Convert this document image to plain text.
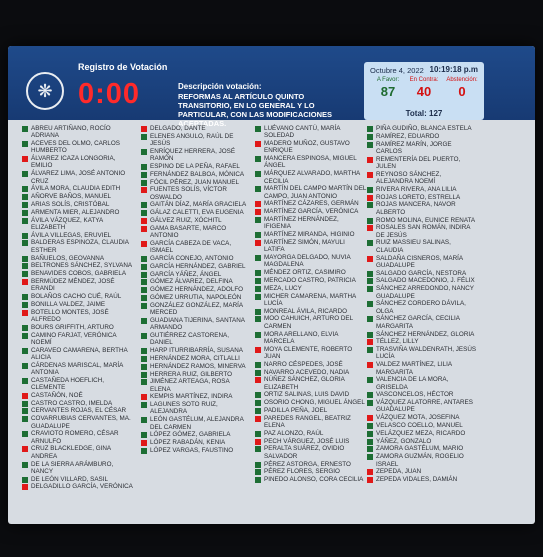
❋
Registro de Votación
0:00	Descripción votación:
REFORMAS AL ARTÍCULO QUINTO TRANSITORIO, EN LO GENERAL Y LO PARTICULAR, CON LAS MODIFICACIONES ACEPTADAS.
Octubre 4, 2022 10:19:18 p.m
A Favor:
87
En Contra:
40
Abstención:
0
Total: 127
ABREU ARTIÑANO, ROCÍO ADRIANA
ACEVES DEL OLMO, CARLOS HUMBERTO
ÁLVAREZ ICAZA LONGORIA, EMILIO
ÁLVAREZ LIMA, JOSÉ ANTONIO CRUZ
ÁVILA MORA, CLAUDIA EDITH
AÑORVE BAÑOS, MANUEL
ARIAS SOLÍS, CRISTÓBAL
ARMENTA MIER, ALEJANDRO
ÁVILA VÁZQUEZ, KATYA ELIZABETH
ÁVILA VILLEGAS, ERUVIEL
BALDERAS ESPINOZA, CLAUDIA ESTHER
BAÑUELOS, GEOVANNA
BELTRONES SÁNCHEZ, SYLVANA
BENAVIDES COBOS, GABRIELA
BERMÚDEZ MÉNDEZ, JOSÉ ERANDI
BOLAÑOS CACHO CUÉ, RAÚL
BONILLA VALDEZ, JAIME
BOTELLO MONTES, JOSÉ ALFREDO
BOURS GRIFFITH, ARTURO
CAMINO FARJAT, VERÓNICA NOEMÍ
CARAVEO CAMARENA, BERTHA ALICIA
CÁRDENAS MARISCAL, MARÍA ANTONIA
CASTAÑEDA HOEFLICH, CLEMENTE
CASTAÑÓN, NOÉ
CASTRO CASTRO, IMELDA
CERVANTES ROJAS, EL CÉSAR
COVARRUBIAS CERVANTES, MA. GUADALUPE
CRAVIOTO ROMERO, CÉSAR ARNULFO
CRUZ BLACKLEDGE, GINA ANDREA
DE LA SIERRA ARÁMBURO, NANCY
DE LEÓN VILLARD, SASIL
DELGADILLO GARCÍA, VERÓNICA
DELGADO, DANTE
ELENES ANGULO, RAÚL DE JESÚS
ENRÍQUEZ HERRERA, JOSÉ RAMÓN
ESPINO DE LA PEÑA, RAFAEL
FERNÁNDEZ BALBOA, MÓNICA
FÓCIL PÉREZ, JUAN MANUEL
FUENTES SOLÍS, VÍCTOR OSWALDO
GAITÁN DÍAZ, MARÍA GRACIELA
GÁLAZ CALETTI, EVA EUGENIA
GÁLVEZ RUIZ, XÓCHITL
GAMA BASARTE, MARCO ANTONIO
GARCÍA CABEZA DE VACA, ISMAEL
GARCÍA CONEJO, ANTONIO
GARCÍA HERNÁNDEZ, GABRIEL
GARCÍA YÁÑEZ, ÁNGEL
GÓMEZ ÁLVAREZ, DELFINA
GÓMEZ HERNÁNDEZ, ADOLFO
GÓMEZ URRUTIA, NAPOLEÓN
GONZÁLEZ GONZÁLEZ, MARÍA MERCED
GUADIANA TIJERINA, SANTANA ARMANDO
GUTIÉRREZ CASTORENA, DANIEL
HARP ITURRIBARRÍA, SUSANA
HERNÁNDEZ MORA, CITLALLI
HERNÁNDEZ RAMOS, MINERVA
HERRERA RUIZ, GILBERTO
JIMÉNEZ ARTEAGA, ROSA ELENA
KEMPIS MARTÍNEZ, INDIRA
LAGUNES SOTO RUIZ, ALEJANDRA
LEÓN GASTÉLUM, ALEJANDRA DEL CARMEN
LÓPEZ GÓMEZ, GABRIELA
LÓPEZ RABADÁN, KENIA
LÓPEZ VARGAS, FAUSTINO
LUÉVANO CANTÚ, MARÍA SOLEDAD
MADERO MUÑOZ, GUSTAVO ENRIQUE
MANCERA ESPINOSA, MIGUEL ÁNGEL
MÁRQUEZ ALVARADO, MARTHA CECILIA
MARTÍN DEL CAMPO MARTÍN DEL CAMPO, JUAN ANTONIO
MARTÍNEZ CÁZARES, GERMÁN
MARTÍNEZ GARCÍA, VERÓNICA
MARTÍNEZ HERNÁNDEZ, IFIGENIA
MARTÍNEZ MIRANDA, HIGINIO
MARTÍNEZ SIMÓN, MAYULI LATIFA
MAYORGA DELGADO, NUVIA MAGDALENA
MÉNDEZ ORTIZ, CASIMIRO
MERCADO CASTRO, PATRICIA
MEZA, LUCY
MICHER CAMARENA, MARTHA LUCÍA
MONREAL ÁVILA, RICARDO
MOO CAHUICH, ARTURO DEL CARMEN
MORA ARELLANO, ELVIA MARCELA
MOYA CLEMENTE, ROBERTO JUAN
NARRO CÉSPEDES, JOSÉ
NAVARRO ACEVEDO, NADIA
NÚÑEZ SÁNCHEZ, GLORIA ELIZABETH
ORTIZ SALINAS, LUIS DAVID
OSORIO CHONG, MIGUEL ÁNGEL
PADILLA PEÑA, JOEL
PAREDES RANGEL, BEATRIZ ELENA
PAZ ALONZO, RAÚL
PECH VÁRGUEZ, JOSÉ LUIS
PERALTA SUÁREZ, OVIDIO SALVADOR
PÉREZ ASTORGA, ERNESTO
PÉREZ FLORES, SERGIO
PINEDO ALONSO, CORA CECILIA
PIÑA GUDIÑO, BLANCA ESTELA
RAMÍREZ, EDUARDO
RAMÍREZ MARÍN, JORGE CARLOS
REMENTERÍA DEL PUERTO, JULEN
REYNOSO SÁNCHEZ, ALEJANDRA NOEMÍ
RIVERA RIVERA, ANA LILIA
ROJAS LORETO, ESTRELLA
ROJAS MANCERA, NAVOR ALBERTO
ROMO MOLINA, EUNICE RENATA
ROSALES SAN ROMÁN, INDIRA DE JESÚS
RUIZ MASSIEU SALINAS, CLAUDIA
SALDAÑA CISNEROS, MARÍA GUADALUPE
SALGADO GARCÍA, NESTORA
SALGADO MACEDONIO, J. FÉLIX
SÁNCHEZ ARREDONDO, NANCY GUADALUPE
SÁNCHEZ CORDERO DÁVILA, OLGA
SÁNCHEZ GARCÍA, CECILIA MARGARITA
SÁNCHEZ HERNÁNDEZ, GLORIA
TÉLLEZ, LILLY
TRASVIÑA WALDENRATH, JESÚS LUCÍA
VALDEZ MARTÍNEZ, LILIA MARGARITA
VALENCIA DE LA MORA, GRISELDA
VASCONCELOS, HÉCTOR
VÁZQUEZ ALATORRE, ANTARES GUADALUPE
VÁZQUEZ MOTA, JOSEFINA
VELASCO COELLO, MANUEL
VELÁZQUEZ MEZA, RICARDO
YÁÑEZ, GONZALO
ZAMORA GASTÉLUM, MARIO
ZAMORA GUZMÁN, ROGELIO ISRAEL
ZEPEDA, JUAN
ZEPEDA VIDALES, DAMIÁN
